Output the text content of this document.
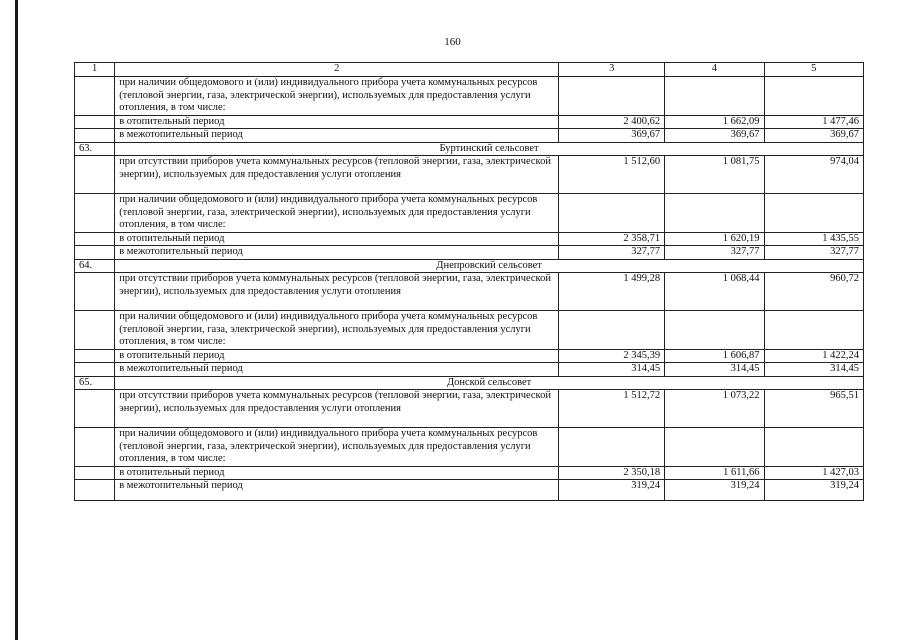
160
1	2	3	4	5
	при наличии общедомового и (или) индивидуального прибора учета коммунальных ресурсов (тепловой энергии, газа, электрической энергии), используемых для предоставления услуги отопления, в том числе:			
	в отопительный период	2 400,62	1 662,09	1 477,46
	в межотопительный период	369,67	369,67	369,67
63.	Буртинский сельсовет			
	при отсутствии приборов учета коммунальных ресурсов (тепловой энергии, газа, электрической энергии), используемых для предоставления услуги отопления	1 512,60	1 081,75	974,04
	при наличии общедомового и (или) индивидуального прибора учета коммунальных ресурсов (тепловой энергии, газа, электрической энергии), используемых для предоставления услуги отопления, в том числе:			
	в отопительный период	2 358,71	1 620,19	1 435,55
	в межотопительный период	327,77	327,77	327,77
64.	Днепровский сельсовет			
	при отсутствии приборов учета коммунальных ресурсов (тепловой энергии, газа, электрической энергии), используемых для предоставления услуги отопления	1 499,28	1 068,44	960,72
	при наличии общедомового и (или) индивидуального прибора учета коммунальных ресурсов (тепловой энергии, газа, электрической энергии), используемых для предоставления услуги отопления, в том числе:			
	в отопительный период	2 345,39	1 606,87	1 422,24
	в межотопительный период	314,45	314,45	314,45
65.	Донской сельсовет			
	при отсутствии приборов учета коммунальных ресурсов (тепловой энергии, газа, электрической энергии), используемых для предоставления услуги отопления	1 512,72	1 073,22	965,51
	при наличии общедомового и (или) индивидуального прибора учета коммунальных ресурсов (тепловой энергии, газа, электрической энергии), используемых для предоставления услуги отопления, в том числе:			
	в отопительный период	2 350,18	1 611,66	1 427,03
	в межотопительный период	319,24	319,24	319,24
